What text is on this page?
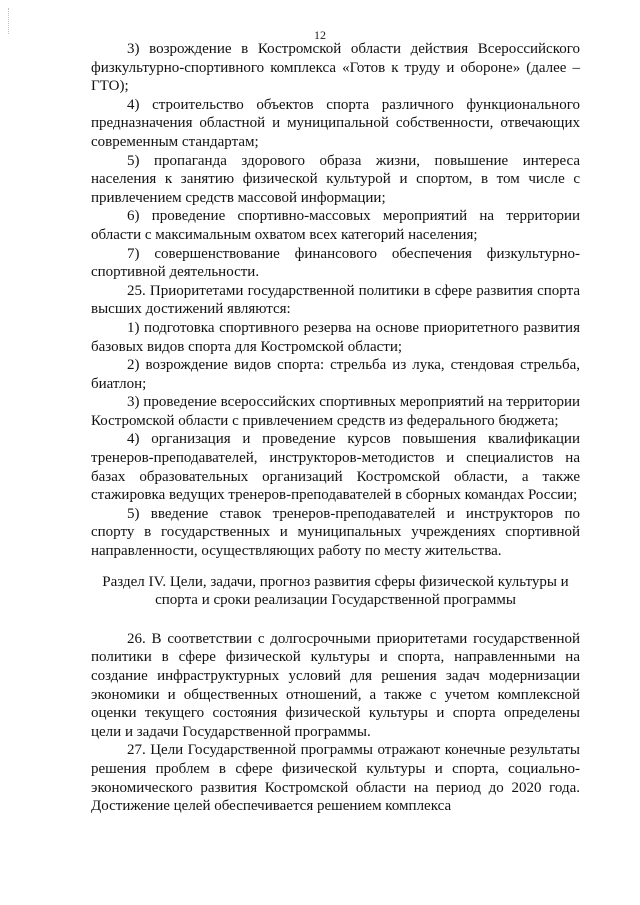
12

3) возрождение в Костромской области действия Всероссийского физкультурно-спортивного комплекса «Готов к труду и обороне» (далее – ГТО);

4) строительство объектов спорта различного функционального предназначения областной и муниципальной собственности, отвечающих современным стандартам;

5) пропаганда здорового образа жизни, повышение интереса населения к занятию физической культурой и спортом, в том числе с привлечением средств массовой информации;

6) проведение спортивно-массовых мероприятий на территории области с максимальным охватом всех категорий населения;

7) совершенствование финансового обеспечения физкультурно-спортивной деятельности.

25. Приоритетами государственной политики в сфере развития спорта высших достижений являются:

1) подготовка спортивного резерва на основе приоритетного развития базовых видов спорта для Костромской области;

2) возрождение видов спорта: стрельба из лука, стендовая стрельба, биатлон;

3) проведение всероссийских спортивных мероприятий на территории Костромской области с привлечением средств из федерального бюджета;

4) организация и проведение курсов повышения квалификации тренеров-преподавателей, инструкторов-методистов и специалистов на базах образовательных организаций Костромской области, а также стажировка ведущих тренеров-преподавателей в сборных командах России;

5) введение ставок тренеров-преподавателей и инструкторов по спорту в государственных и муниципальных учреждениях спортивной направленности, осуществляющих работу по месту жительства.

Раздел IV. Цели, задачи, прогноз развития сферы физической культуры и спорта и сроки реализации Государственной программы

26. В соответствии с долгосрочными приоритетами государственной политики в сфере физической культуры и спорта, направленными на создание инфраструктурных условий для решения задач модернизации экономики и общественных отношений, а также с учетом комплексной оценки текущего состояния физической культуры и спорта определены цели и задачи Государственной программы.

27. Цели Государственной программы отражают конечные результаты решения проблем в сфере физической культуры и спорта, социально-экономического развития Костромской области на период до 2020 года. Достижение целей обеспечивается решением комплекса
